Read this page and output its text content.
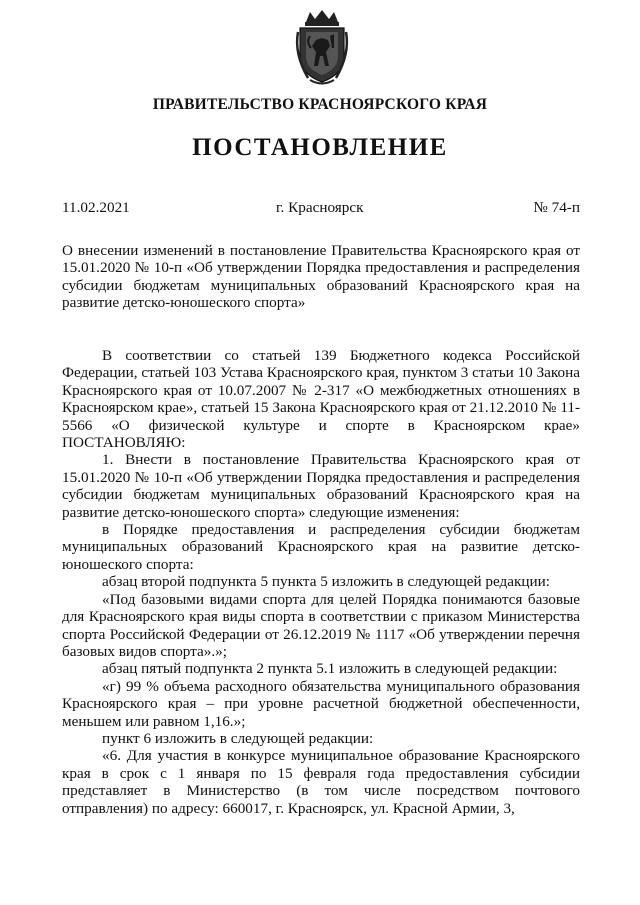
ПРАВИТЕЛЬСТВО КРАСНОЯРСКОГО КРАЯ
ПОСТАНОВЛЕНИЕ
11.02.2021	г. Красноярск	№ 74-п
О внесении изменений в постановление Правительства Красноярского края от 15.01.2020 № 10-п «Об утверждении Порядка предоставления и распределения субсидии бюджетам муниципальных образований Красноярского края на развитие детско-юношеского спорта»

В соответствии со статьей 139 Бюджетного кодекса Российской Федерации, статьей 103 Устава Красноярского края, пунктом 3 статьи 10 Закона Красноярского края от 10.07.2007 № 2-317 «О межбюджетных отношениях в Красноярском крае», статьей 15 Закона Красноярского края от 21.12.2010 № 11-5566 «О физической культуре и спорте в Красноярском крае» ПОСТАНОВЛЯЮ:

1. Внести в постановление Правительства Красноярского края от 15.01.2020 № 10-п «Об утверждении Порядка предоставления и распределения субсидии бюджетам муниципальных образований Красноярского края на развитие детско-юношеского спорта» следующие изменения:

в Порядке предоставления и распределения субсидии бюджетам муниципальных образований Красноярского края на развитие детско-юношеского спорта:

абзац второй подпункта 5 пункта 5 изложить в следующей редакции:

«Под базовыми видами спорта для целей Порядка понимаются базовые для Красноярского края виды спорта в соответствии с приказом Министерства спорта Российской Федерации от 26.12.2019 № 1117 «Об утверждении перечня базовых видов спорта».»;

абзац пятый подпункта 2 пункта 5.1 изложить в следующей редакции:

«г) 99 % объема расходного обязательства муниципального образования Красноярского края – при уровне расчетной бюджетной обеспеченности, меньшем или равном 1,16.»;

пункт 6 изложить в следующей редакции:

«6. Для участия в конкурсе муниципальное образование Красноярского края в срок с 1 января по 15 февраля года предоставления субсидии представляет в Министерство (в том числе посредством почтового отправления) по адресу: 660017, г. Красноярск, ул. Красной Армии, 3,
